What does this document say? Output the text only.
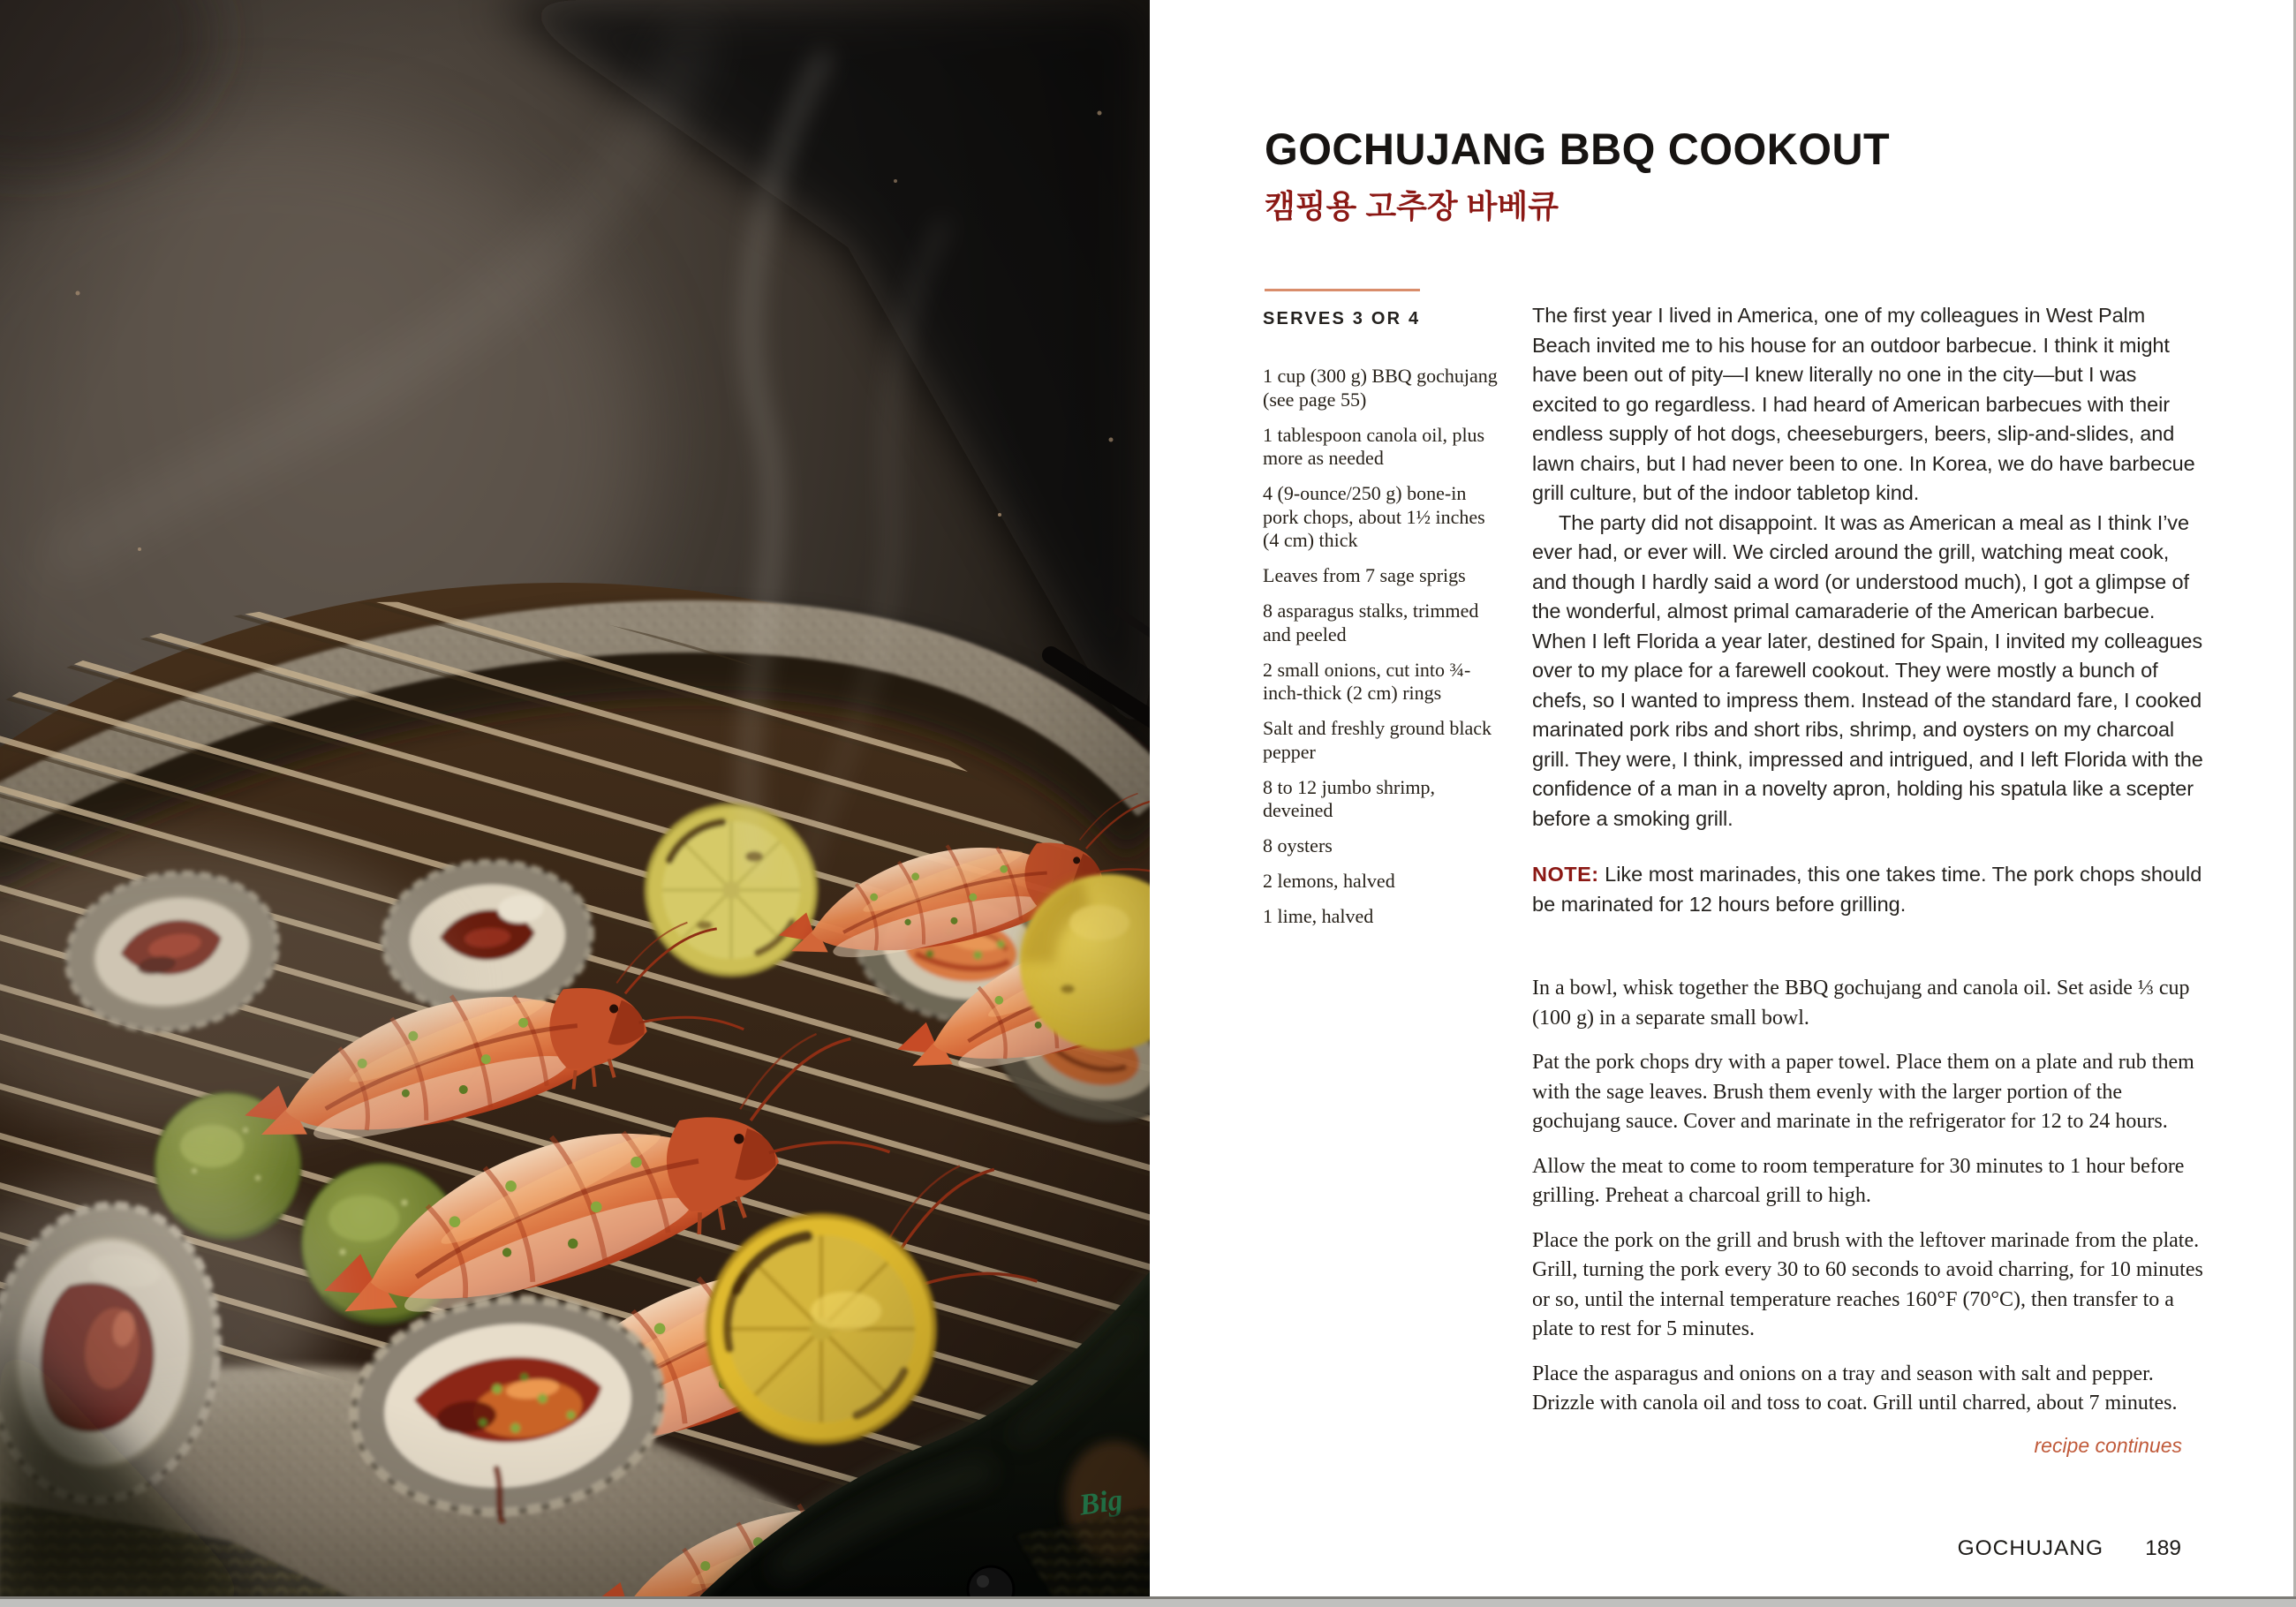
GOCHUJANG BBQ COOKOUT
캠핑용 고추장 바베큐
SERVES 3 OR 4
1 cup (300 g) BBQ gochujang (see page 55)
1 tablespoon canola oil, plus more as needed
4 (9-ounce/250 g) bone-in pork chops, about 1½ inches (4 cm) thick
Leaves from 7 sage sprigs
8 asparagus stalks, trimmed and peeled
2 small onions, cut into ¾-inch-thick (2 cm) rings
Salt and freshly ground black pepper
8 to 12 jumbo shrimp, deveined
8 oysters
2 lemons, halved
1 lime, halved

The first year I lived in America, one of my colleagues in West Palm Beach invited me to his house for an outdoor barbecue. I think it might have been out of pity—I knew literally no one in the city—but I was excited to go regardless. I had heard of American barbecues with their endless supply of hot dogs, cheeseburgers, beers, slip-and-slides, and lawn chairs, but I had never been to one. In Korea, we do have barbecue grill culture, but of the indoor tabletop kind.

The party did not disappoint. It was as American a meal as I think I’ve ever had, or ever will. We circled around the grill, watching meat cook, and though I hardly said a word (or understood much), I got a glimpse of the wonderful, almost primal camaraderie of the American barbecue. When I left Florida a year later, destined for Spain, I invited my colleagues over to my place for a farewell cookout. They were mostly a bunch of chefs, so I wanted to impress them. Instead of the standard fare, I cooked marinated pork ribs and short ribs, shrimp, and oysters on my charcoal grill. They were, I think, impressed and intrigued, and I left Florida with the confidence of a man in a novelty apron, holding his spatula like a scepter before a smoking grill.

NOTE: Like most marinades, this one takes time. The pork chops should be marinated for 12 hours before grilling.

In a bowl, whisk together the BBQ gochujang and canola oil. Set aside ⅓ cup (100 g) in a separate small bowl.

Pat the pork chops dry with a paper towel. Place them on a plate and rub them with the sage leaves. Brush them evenly with the larger portion of the gochujang sauce. Cover and marinate in the refrigerator for 12 to 24 hours.

Allow the meat to come to room temperature for 30 minutes to 1 hour before grilling. Preheat a charcoal grill to high.

Place the pork on the grill and brush with the leftover marinade from the plate. Grill, turning the pork every 30 to 60 seconds to avoid charring, for 10 minutes or so, until the internal temperature reaches 160°F (70°C), then transfer to a plate to rest for 5 minutes.

Place the asparagus and onions on a tray and season with salt and pepper. Drizzle with canola oil and toss to coat. Grill until charred, about 7 minutes.

recipe continues

GOCHUJANG 189
